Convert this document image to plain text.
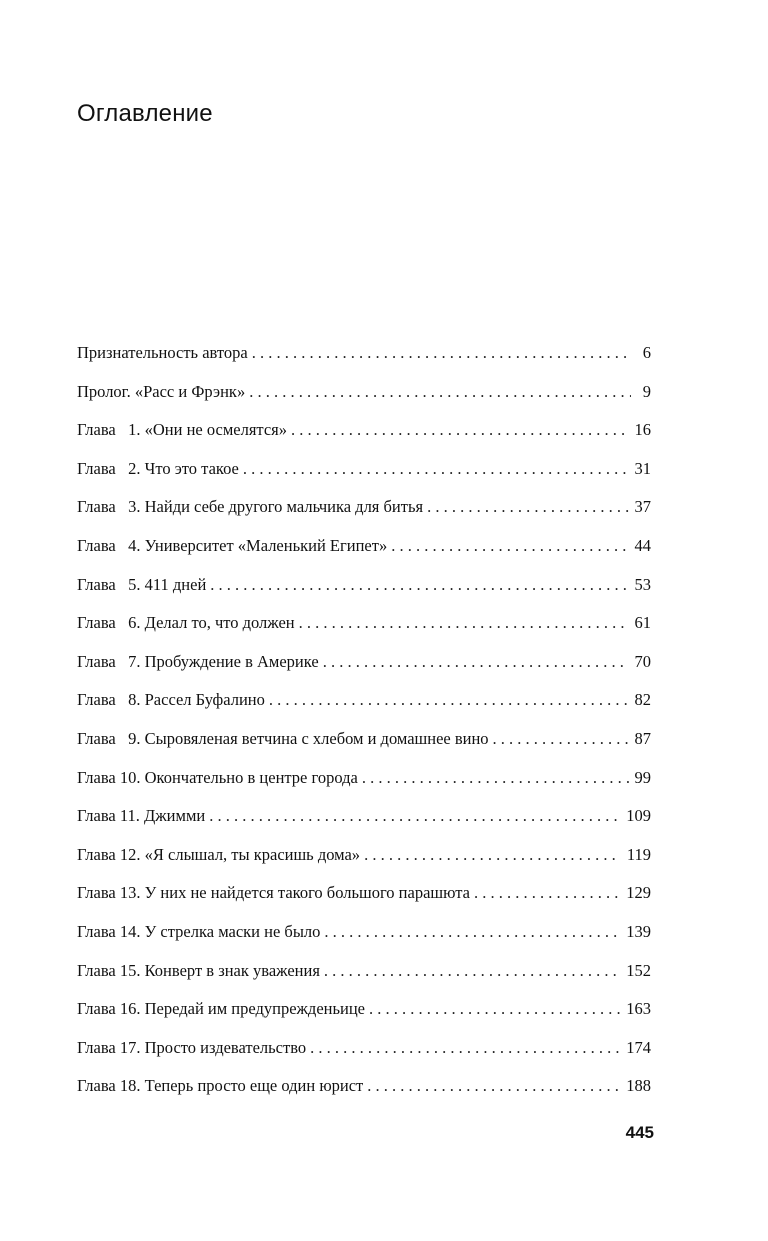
Оглавление
Признательность автора . . .	6
Пролог. «Расс и Фрэнк» . . .	9
Глава   1. «Они не осмелятся» . . .	16
Глава   2. Что это такое . . .	31
Глава   3. Найди себе другого мальчика для битья . . .	37
Глава   4. Университет «Маленький Египет» . . .	44
Глава   5. 411 дней . . .	53
Глава   6. Делал то, что должен . . .	61
Глава   7. Пробуждение в Америке . . .	70
Глава   8. Рассел Буфалино . . .	82
Глава   9. Сыровяленая ветчина с хлебом и домашнее вино . . .	87
Глава 10. Окончательно в центре города . . .	99
Глава 11. Джимми . . .	109
Глава 12. «Я слышал, ты красишь дома» . . .	119
Глава 13. У них не найдется такого большого парашюта . . .	129
Глава 14. У стрелка маски не было . . .	139
Глава 15. Конверт в знак уважения . . .	152
Глава 16. Передай им предупрежденьице . . .	163
Глава 17. Просто издевательство . . .	174
Глава 18. Теперь просто еще один юрист . . .	188
445
